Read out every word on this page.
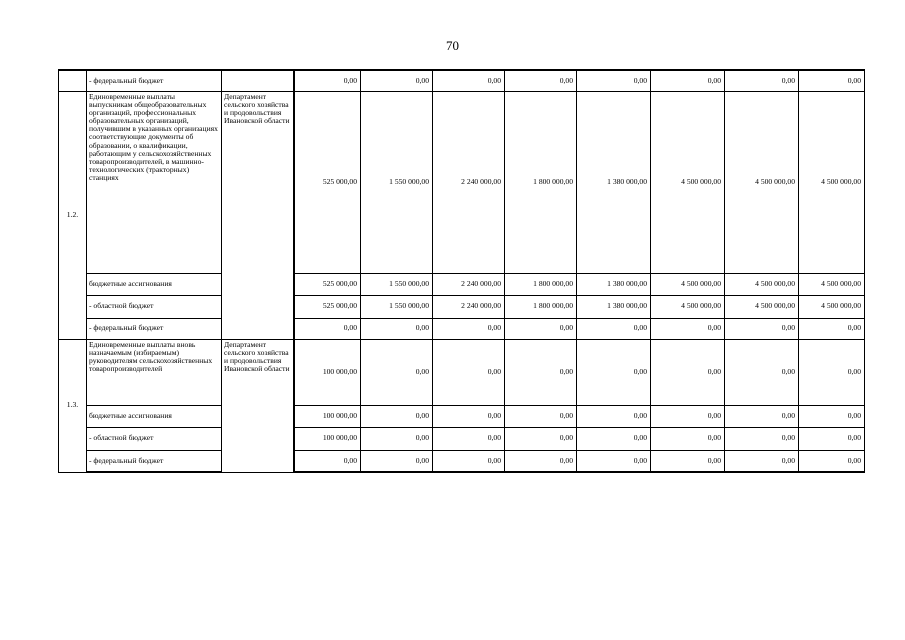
70
	- федеральный бюджет		0,00	0,00	0,00	0,00	0,00	0,00	0,00	0,00
1.2.	Единовременные выплаты выпускникам общеобразовательных организаций, профессиональных образовательных организаций, получившим в указанных организациях соответствующие документы об образовании, о квалификации, работающим у сельскохозяйственных товаропроизводителей, в машинно-технологических (тракторных) станциях	Департамент сельского хозяйства и продовольствия Ивановской области	525 000,00	1 550 000,00	2 240 000,00	1 800 000,00	1 380 000,00	4 500 000,00	4 500 000,00	4 500 000,00
	бюджетные ассигнования		525 000,00	1 550 000,00	2 240 000,00	1 800 000,00	1 380 000,00	4 500 000,00	4 500 000,00	4 500 000,00
	- областной бюджет		525 000,00	1 550 000,00	2 240 000,00	1 800 000,00	1 380 000,00	4 500 000,00	4 500 000,00	4 500 000,00
	- федеральный бюджет		0,00	0,00	0,00	0,00	0,00	0,00	0,00	0,00
1.3.	Единовременные выплаты вновь назначаемым (избираемым) руководителям сельскохозяйственных товаропроизводителей	Департамент сельского хозяйства и продовольствия Ивановской области	100 000,00	0,00	0,00	0,00	0,00	0,00	0,00	0,00
	бюджетные ассигнования		100 000,00	0,00	0,00	0,00	0,00	0,00	0,00	0,00
	- областной бюджет		100 000,00	0,00	0,00	0,00	0,00	0,00	0,00	0,00
	- федеральный бюджет		0,00	0,00	0,00	0,00	0,00	0,00	0,00	0,00
